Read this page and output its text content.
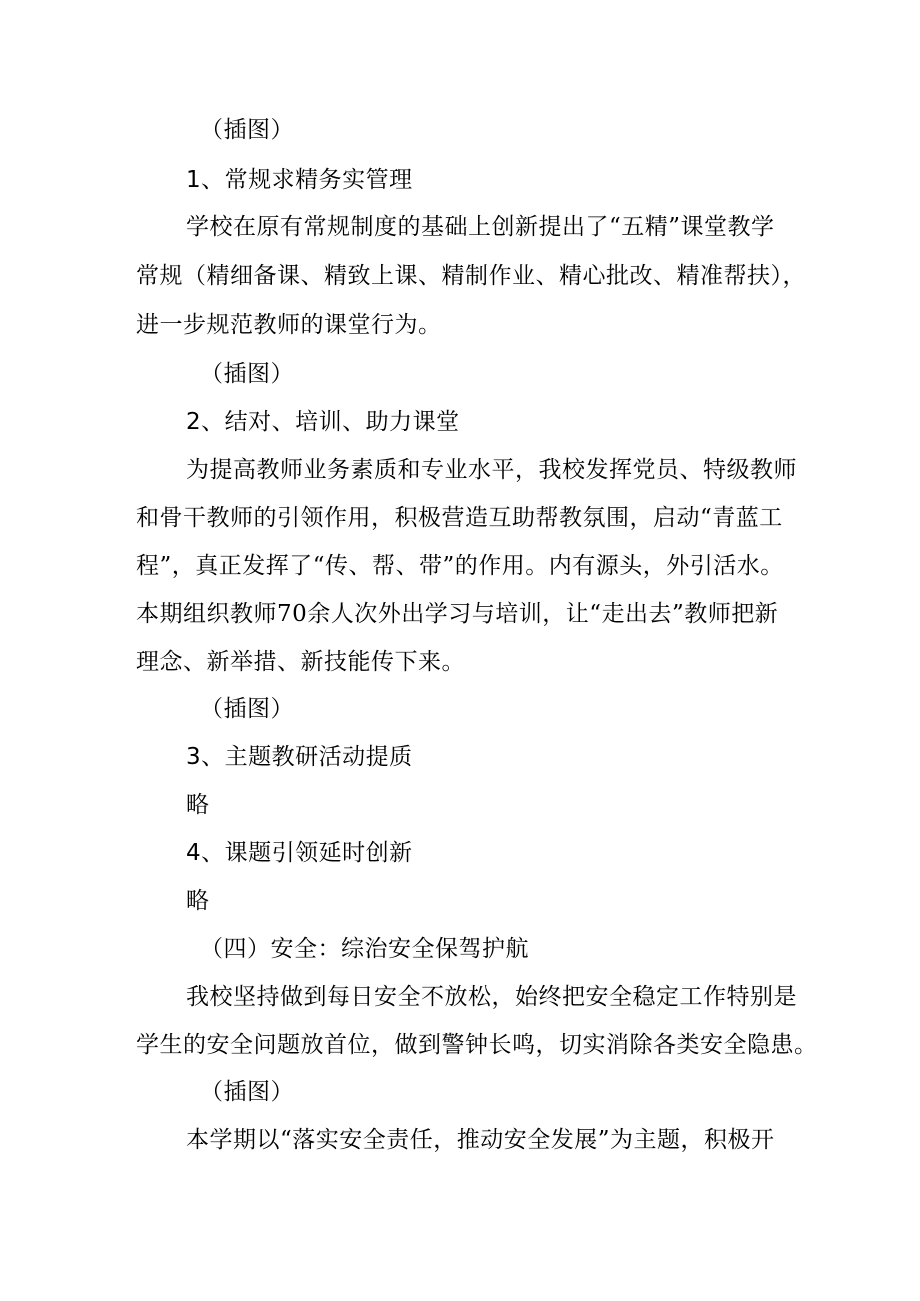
（插图）
1、常规求精务实管理
学校在原有常规制度的基础上创新提出了“五精”课堂教学
常规（精细备课、精致上课、精制作业、精心批改、精准帮扶），
进一步规范教师的课堂行为。
（插图）
2、结对、培训、助力课堂
为提高教师业务素质和专业水平，我校发挥党员、特级教师
和骨干教师的引领作用，积极营造互助帮教氛围，启动“青蓝工
程”，真正发挥了“传、帮、带”的作用。内有源头，外引活水。
本期组织教师70余人次外出学习与培训，让“走出去”教师把新
理念、新举措、新技能传下来。
（插图）
3、主题教研活动提质
略
4、课题引领延时创新
略
（四）安全：综治安全保驾护航
我校坚持做到每日安全不放松，始终把安全稳定工作特别是
学生的安全问题放首位，做到警钟长鸣，切实消除各类安全隐患。
（插图）
本学期以“落实安全责任，推动安全发展”为主题，积极开
